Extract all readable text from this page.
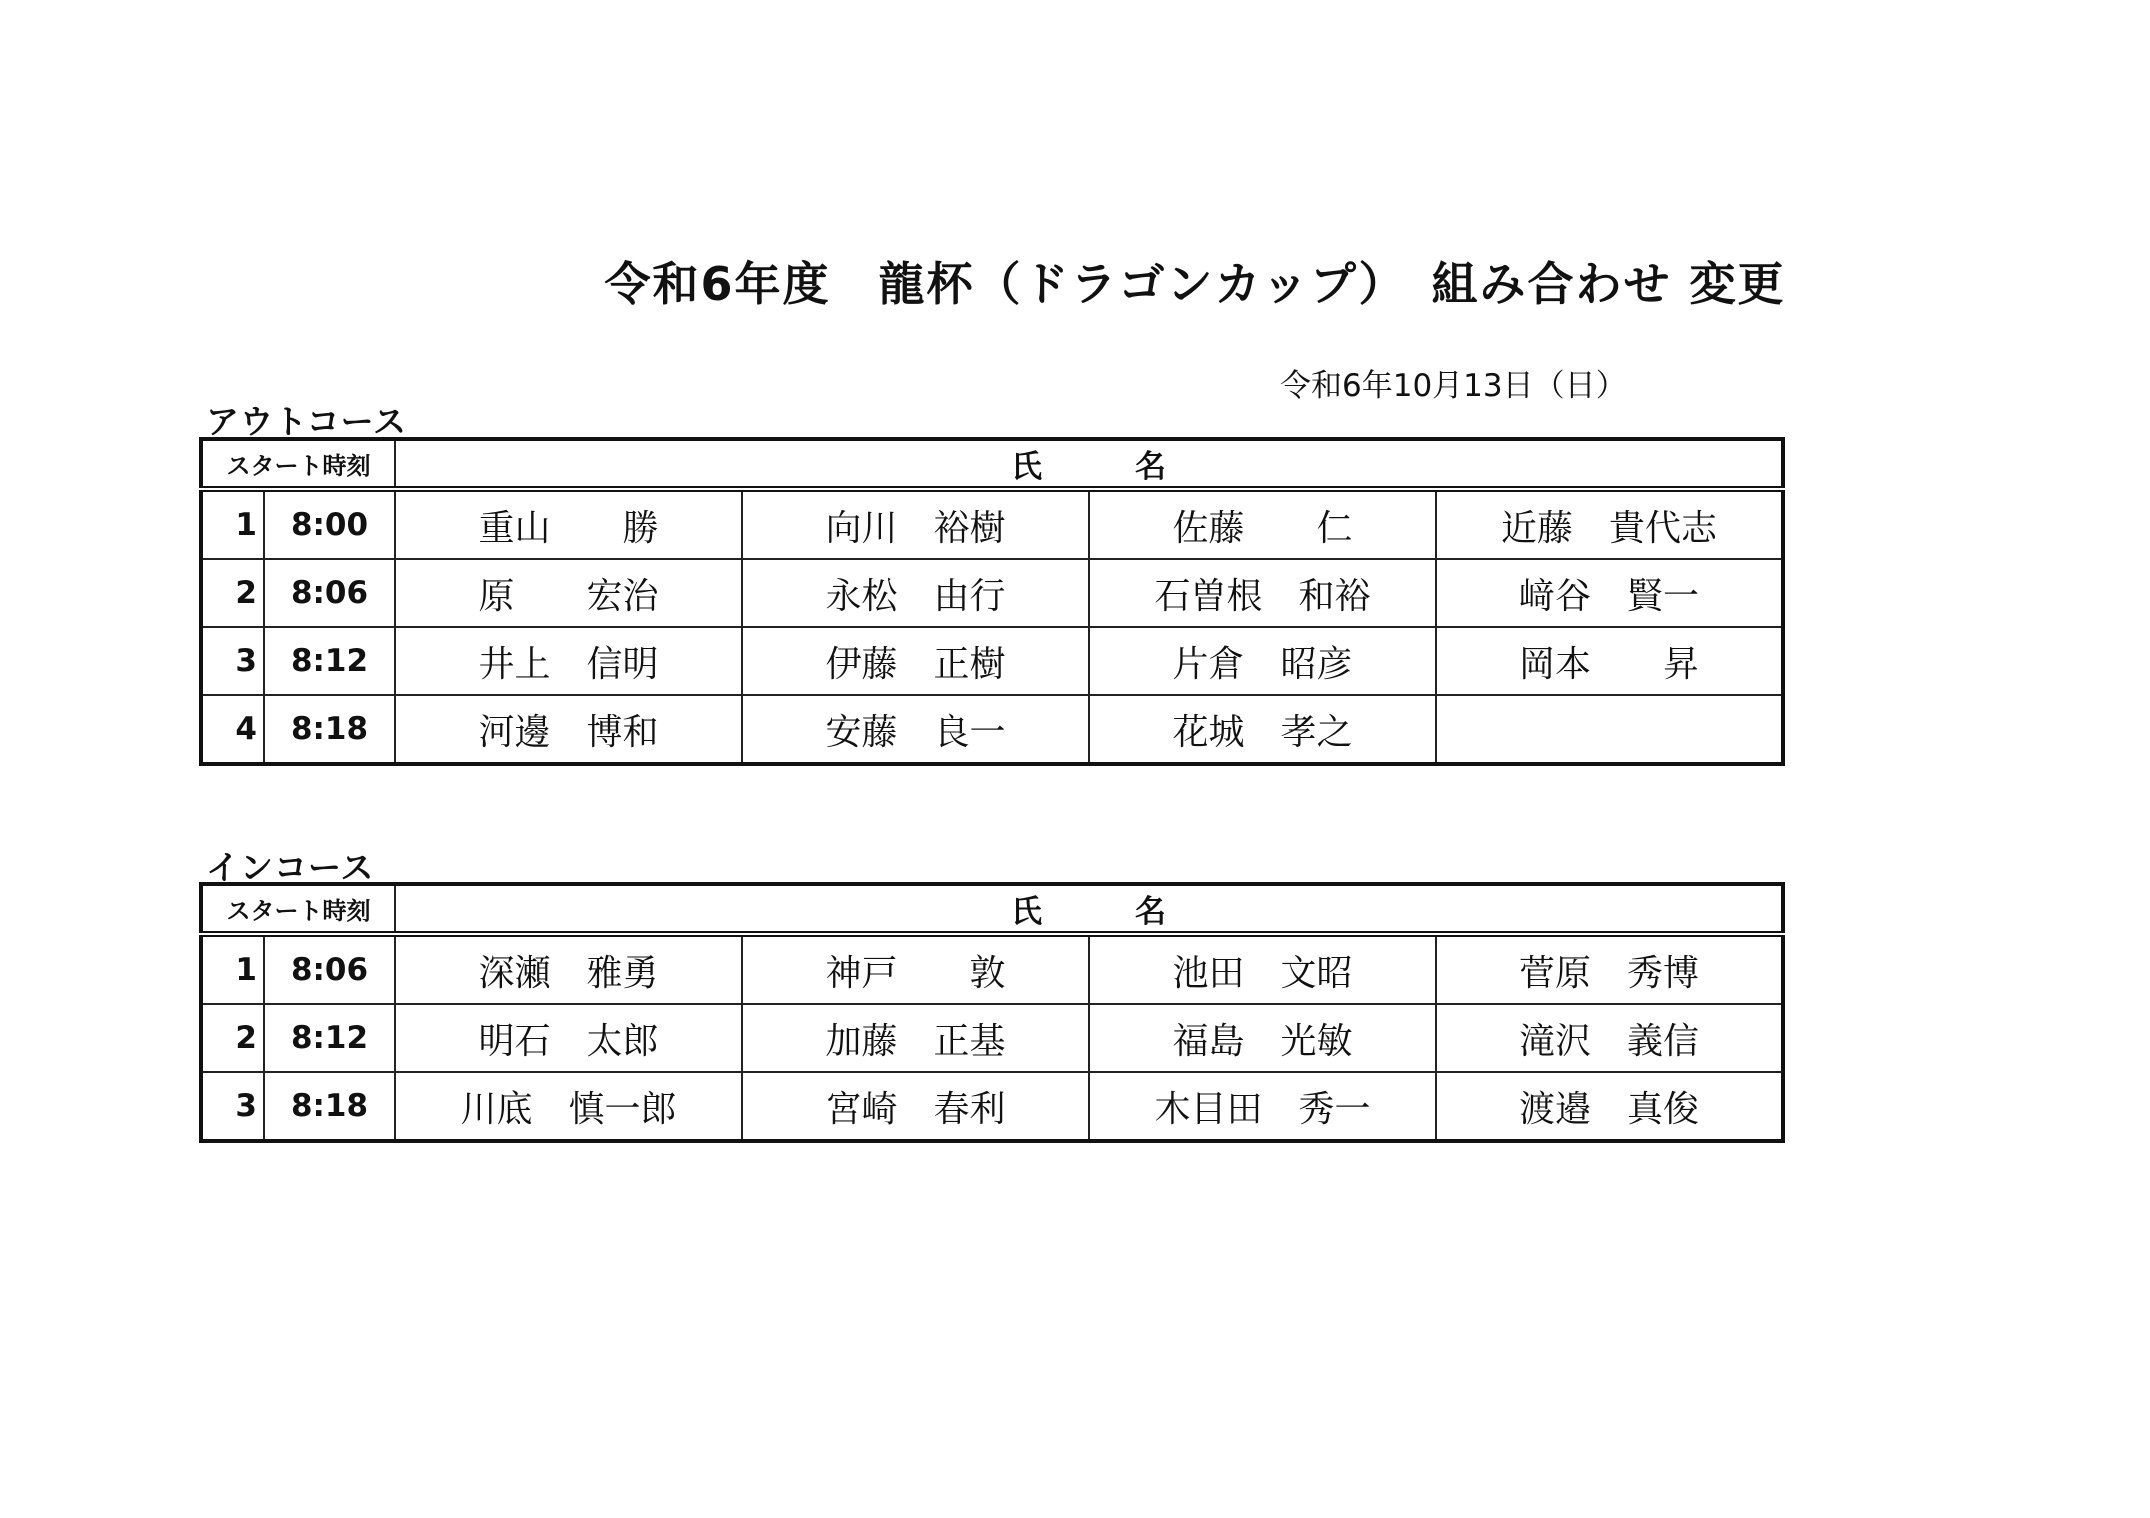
令和6年度　龍杯（ドラゴンカップ）　組み合わせ 変更
令和6年10月13日（日）
アウトコース
スタート時刻		氏　　　名			
1	8:00	重山　　勝	向川　裕樹	佐藤　　仁	近藤　貴代志
2	8:06	原　　宏治	永松　由行	石曽根　和裕	﨑谷　賢一
3	8:12	井上　信明	伊藤　正樹	片倉　昭彦	岡本　　昇
4	8:18	河邊　博和	安藤　良一	花城　孝之	
インコース
スタート時刻		氏　　　名			
1	8:06	深瀬　雅勇	神戸　　敦	池田　文昭	菅原　秀博
2	8:12	明石　太郎	加藤　正基	福島　光敏	滝沢　義信
3	8:18	川底　慎一郎	宮崎　春利	木目田　秀一	渡邉　真俊
